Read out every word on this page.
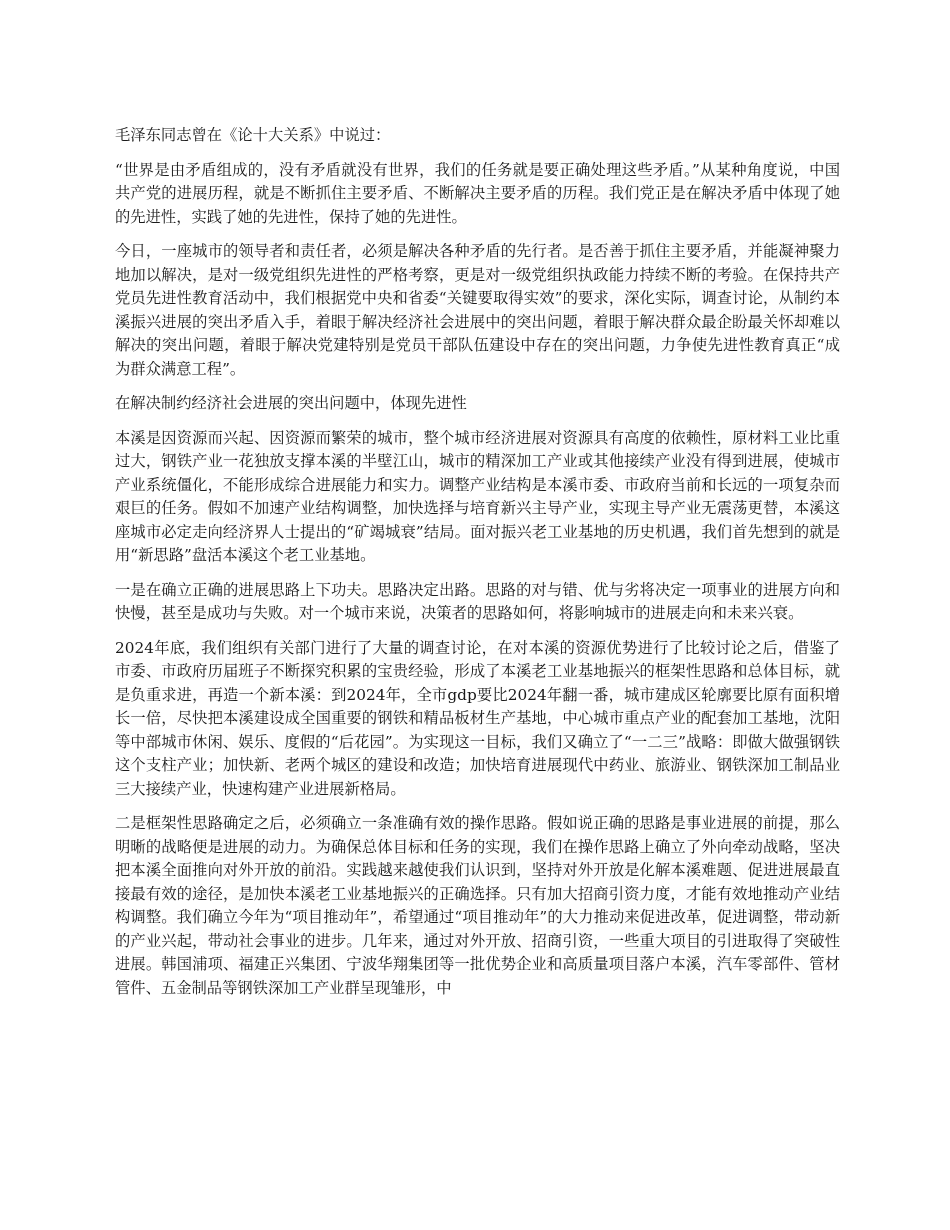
毛泽东同志曾在《论十大关系》中说过：

“世界是由矛盾组成的，没有矛盾就没有世界，我们的任务就是要正确处理这些矛盾。”从某种角度说，中国共产党的进展历程，就是不断抓住主要矛盾、不断解决主要矛盾的历程。我们党正是在解决矛盾中体现了她的先进性，实践了她的先进性，保持了她的先进性。

今日，一座城市的领导者和责任者，必须是解决各种矛盾的先行者。是否善于抓住主要矛盾，并能凝神聚力地加以解决，是对一级党组织先进性的严格考察，更是对一级党组织执政能力持续不断的考验。在保持共产党员先进性教育活动中，我们根据党中央和省委“关键要取得实效”的要求，深化实际，调查讨论，从制约本溪振兴进展的突出矛盾入手，着眼于解决经济社会进展中的突出问题，着眼于解决群众最企盼最关怀却难以解决的突出问题，着眼于解决党建特别是党员干部队伍建设中存在的突出问题，力争使先进性教育真正“成为群众满意工程”。

在解决制约经济社会进展的突出问题中，体现先进性

本溪是因资源而兴起、因资源而繁荣的城市，整个城市经济进展对资源具有高度的依赖性，原材料工业比重过大，钢铁产业一花独放支撑本溪的半壁江山，城市的精深加工产业或其他接续产业没有得到进展，使城市产业系统僵化，不能形成综合进展能力和实力。调整产业结构是本溪市委、市政府当前和长远的一项复杂而艰巨的任务。假如不加速产业结构调整，加快选择与培育新兴主导产业，实现主导产业无震荡更替，本溪这座城市必定走向经济界人士提出的“矿竭城衰”结局。面对振兴老工业基地的历史机遇，我们首先想到的就是用“新思路”盘活本溪这个老工业基地。

一是在确立正确的进展思路上下功夫。思路决定出路。思路的对与错、优与劣将决定一项事业的进展方向和快慢，甚至是成功与失败。对一个城市来说，决策者的思路如何，将影响城市的进展走向和未来兴衰。

2024年底，我们组织有关部门进行了大量的调查讨论，在对本溪的资源优势进行了比较讨论之后，借鉴了市委、市政府历届班子不断探究积累的宝贵经验，形成了本溪老工业基地振兴的框架性思路和总体目标，就是负重求进，再造一个新本溪：到2024年，全市gdp要比2024年翻一番，城市建成区轮廓要比原有面积增长一倍，尽快把本溪建设成全国重要的钢铁和精品板材生产基地，中心城市重点产业的配套加工基地，沈阳等中部城市休闲、娱乐、度假的“后花园”。为实现这一目标，我们又确立了“一二三”战略：即做大做强钢铁这个支柱产业；加快新、老两个城区的建设和改造；加快培育进展现代中药业、旅游业、钢铁深加工制品业三大接续产业，快速构建产业进展新格局。

二是框架性思路确定之后，必须确立一条准确有效的操作思路。假如说正确的思路是事业进展的前提，那么明晰的战略便是进展的动力。为确保总体目标和任务的实现，我们在操作思路上确立了外向牵动战略，坚决把本溪全面推向对外开放的前沿。实践越来越使我们认识到，坚持对外开放是化解本溪难题、促进进展最直接最有效的途径，是加快本溪老工业基地振兴的正确选择。只有加大招商引资力度，才能有效地推动产业结构调整。我们确立今年为“项目推动年”，希望通过“项目推动年”的大力推动来促进改革，促进调整，带动新的产业兴起，带动社会事业的进步。几年来，通过对外开放、招商引资，一些重大项目的引进取得了突破性进展。韩国浦项、福建正兴集团、宁波华翔集团等一批优势企业和高质量项目落户本溪，汽车零部件、管材管件、五金制品等钢铁深加工产业群呈现雏形，中
